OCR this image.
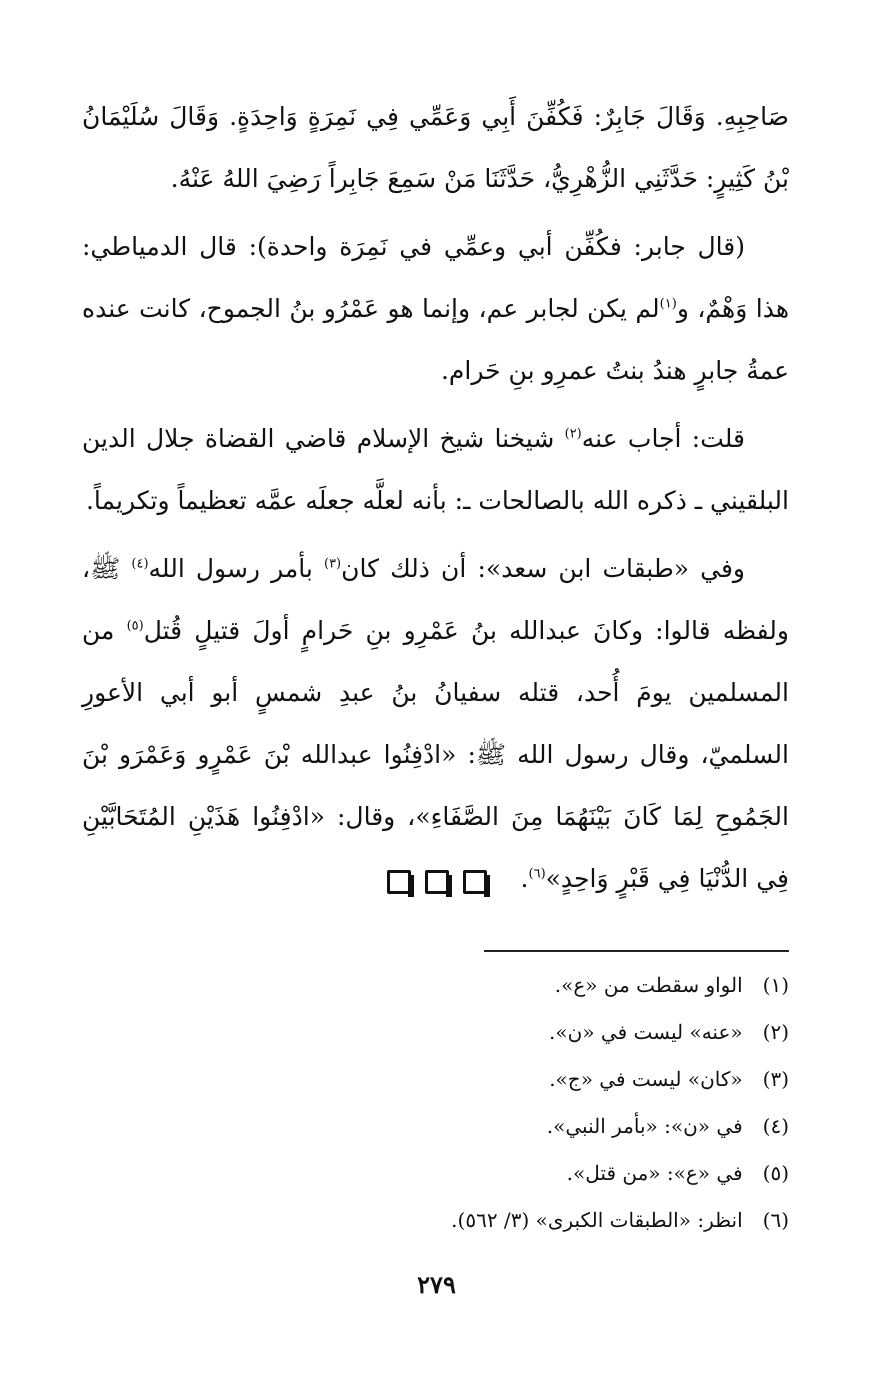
صَاحِبِهِ. وَقَالَ جَابِرٌ: فَكُفِّنَ أَبِي وَعَمِّي فِي نَمِرَةٍ وَاحِدَةٍ. وَقَالَ سُلَيْمَانُ بْنُ كَثِيرٍ: حَدَّثَنِي الزُّهْرِيُّ، حَدَّثَنَا مَنْ سَمِعَ جَابِراً رَضِيَ اللهُ عَنْهُ.

(قال جابر: فكُفِّن أبي وعمِّي في نَمِرَة واحدة): قال الدمياطي: هذا وَهْمٌ، و$^{(١)}$لم يكن لجابر عم، وإنما هو عَمْرُو بنُ الجموح، كانت عنده عمةُ جابرٍ هندُ بنتُ عمرِو بنِ حَرام.

قلت: أجاب عنه$^{(٢)}$ شيخنا شيخ الإسلام قاضي القضاة جلال الدين البلقيني ـ ذكره الله بالصالحات ـ: بأنه لعلَّه جعلَه عمَّه تعظيماً وتكريماً.

وفي «طبقات ابن سعد»: أن ذلك كان$^{(٣)}$ بأمر رسول الله$^{(٤)}$ ﷺ، ولفظه قالوا: وكانَ عبدالله بنُ عَمْرِو بنِ حَرامٍ أولَ قتيلٍ قُتل$^{(٥)}$ من المسلمين يومَ أُحد، قتله سفيانُ بنُ عبدِ شمسٍ أبو أبي الأعورِ السلميّ، وقال رسول الله ﷺ: «ادْفِنُوا عبدالله بْنَ عَمْرٍو وَعَمْرَو بْنَ الجَمُوحِ لِمَا كَانَ بَيْنَهُمَا مِنَ الصَّفَاءِ»، وقال: «ادْفِنُوا هَذَيْنِ المُتَحَابَّيْنِ فِي الدُّنْيَا فِي قَبْرٍ وَاحِدٍ»$^{(٦)}$.

(١) الواو سقطت من «ع».
(٢) «عنه» ليست في «ن».
(٣) «كان» ليست في «ج».
(٤) في «ن»: «بأمر النبي».
(٥) في «ع»: «من قتل».
(٦) انظر: «الطبقات الكبرى» (٣/ ٥٦٢).
٢٧٩
